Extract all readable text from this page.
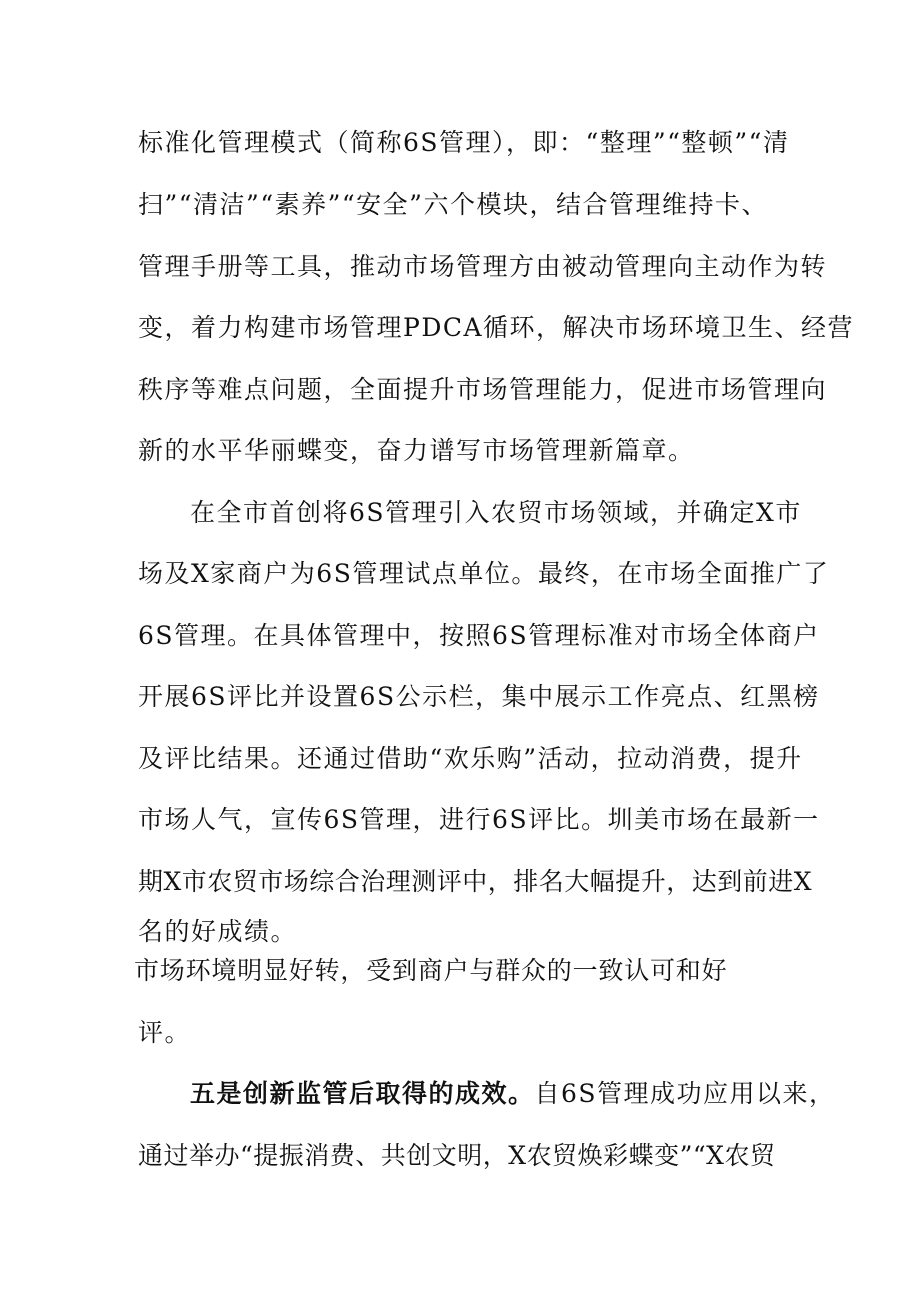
标准化管理模式（简称6S管理），即：“整理”“整顿”“清
扫”“清洁”“素养”“安全”六个模块，结合管理维持卡、
管理手册等工具，推动市场管理方由被动管理向主动作为转
变，着力构建市场管理PDCA循环，解决市场环境卫生、经营
秩序等难点问题，全面提升市场管理能力，促进市场管理向
新的水平华丽蝶变，奋力谱写市场管理新篇章。
在全市首创将6S管理引入农贸市场领域，并确定X市
场及X家商户为6S管理试点单位。最终，在市场全面推广了
6S管理。在具体管理中，按照6S管理标准对市场全体商户
开展6S评比并设置6S公示栏，集中展示工作亮点、红黑榜
及评比结果。还通过借助“欢乐购”活动，拉动消费，提升
市场人气，宣传6S管理，进行6S评比。圳美市场在最新一
期X市农贸市场综合治理测评中，排名大幅提升，达到前进X
名的好成绩。
市场环境明显好转，受到商户与群众的一致认可和好
评。
五是创新监管后取得的成效。自6S管理成功应用以来，
通过举办“提振消费、共创文明，X农贸焕彩蝶变”“X农贸
